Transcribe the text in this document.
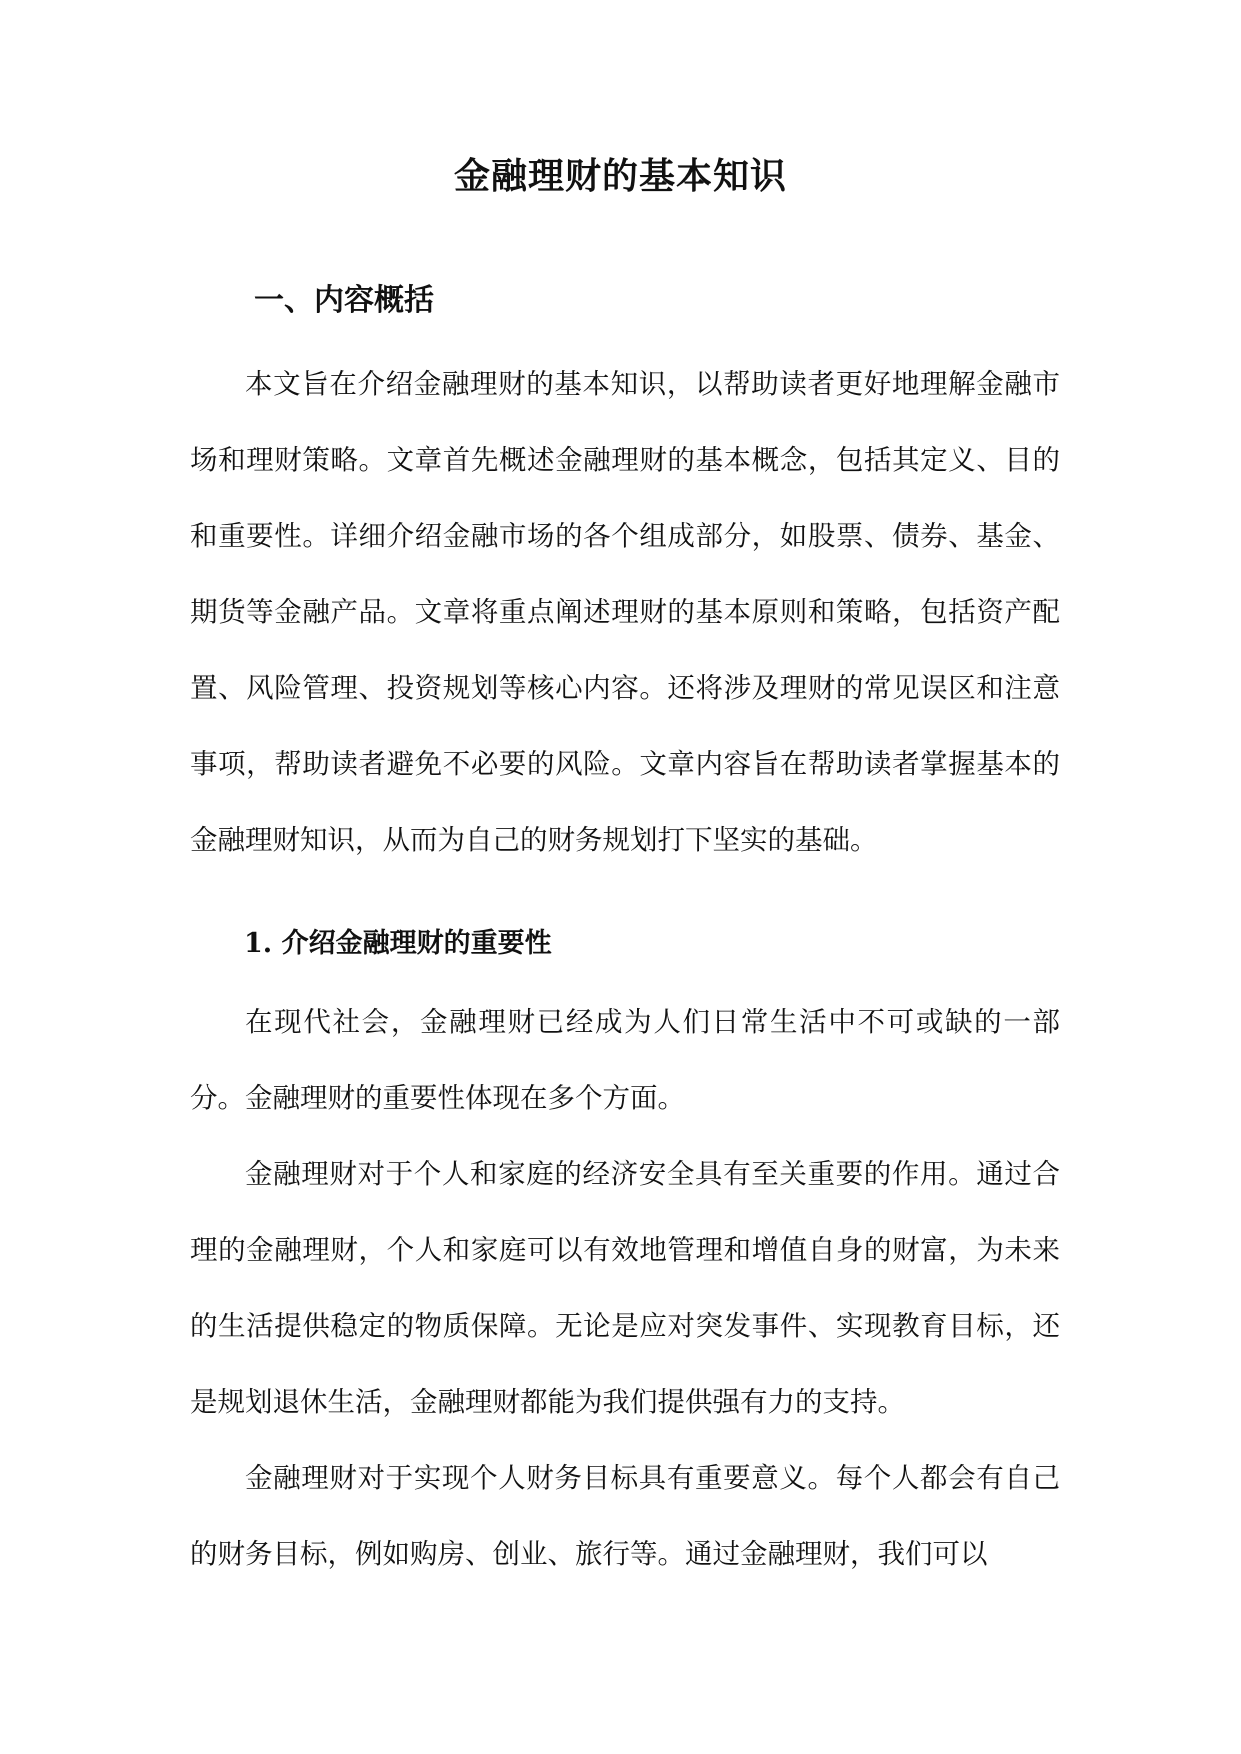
金融理财的基本知识
一、内容概括

本文旨在介绍金融理财的基本知识，以帮助读者更好地理解金融市场和理财策略。文章首先概述金融理财的基本概念，包括其定义、目的和重要性。详细介绍金融市场的各个组成部分，如股票、债券、基金、期货等金融产品。文章将重点阐述理财的基本原则和策略，包括资产配置、风险管理、投资规划等核心内容。还将涉及理财的常见误区和注意事项，帮助读者避免不必要的风险。文章内容旨在帮助读者掌握基本的金融理财知识，从而为自己的财务规划打下坚实的基础。

1. 介绍金融理财的重要性

在现代社会，金融理财已经成为人们日常生活中不可或缺的一部分。金融理财的重要性体现在多个方面。

金融理财对于个人和家庭的经济安全具有至关重要的作用。通过合理的金融理财，个人和家庭可以有效地管理和增值自身的财富，为未来的生活提供稳定的物质保障。无论是应对突发事件、实现教育目标，还是规划退休生活，金融理财都能为我们提供强有力的支持。

金融理财对于实现个人财务目标具有重要意义。每个人都会有自己的财务目标，例如购房、创业、旅行等。通过金融理财，我们可以
